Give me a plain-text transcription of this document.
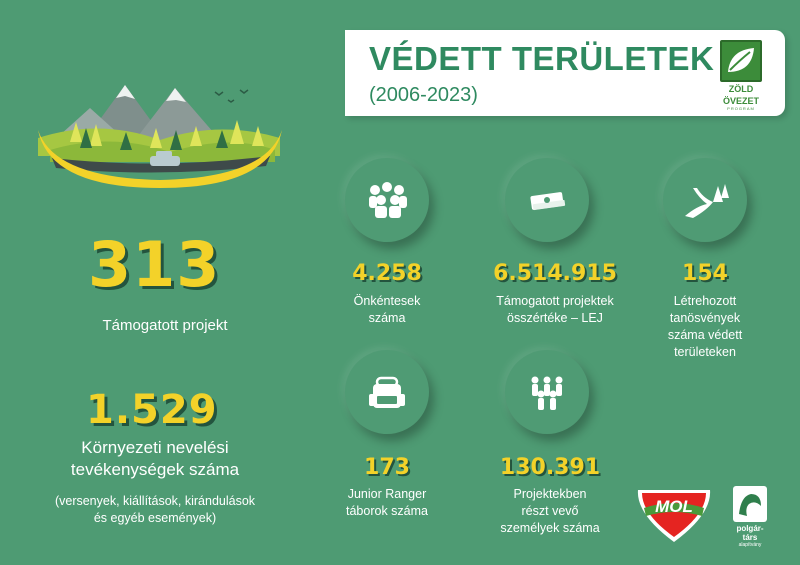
VÉDETT TERÜLETEK
(2006-2023)	ZÖLD
ÖVEZET
PROGRAM
313
Támogatott projekt
1.529
Környezeti nevelési
tevékenységek száma
(versenyek, kiállítások, kirándulások
és egyéb események)
4.258
Önkéntesek
száma
6.514.915
Támogatott projektek
összértéke – LEJ
154
Létrehozott
tanösvények
száma védett
területeken
173
Junior Ranger
táborok száma
130.391
Projektekben
részt vevő
személyek száma
MOL
polgár-társ
alapítvány
